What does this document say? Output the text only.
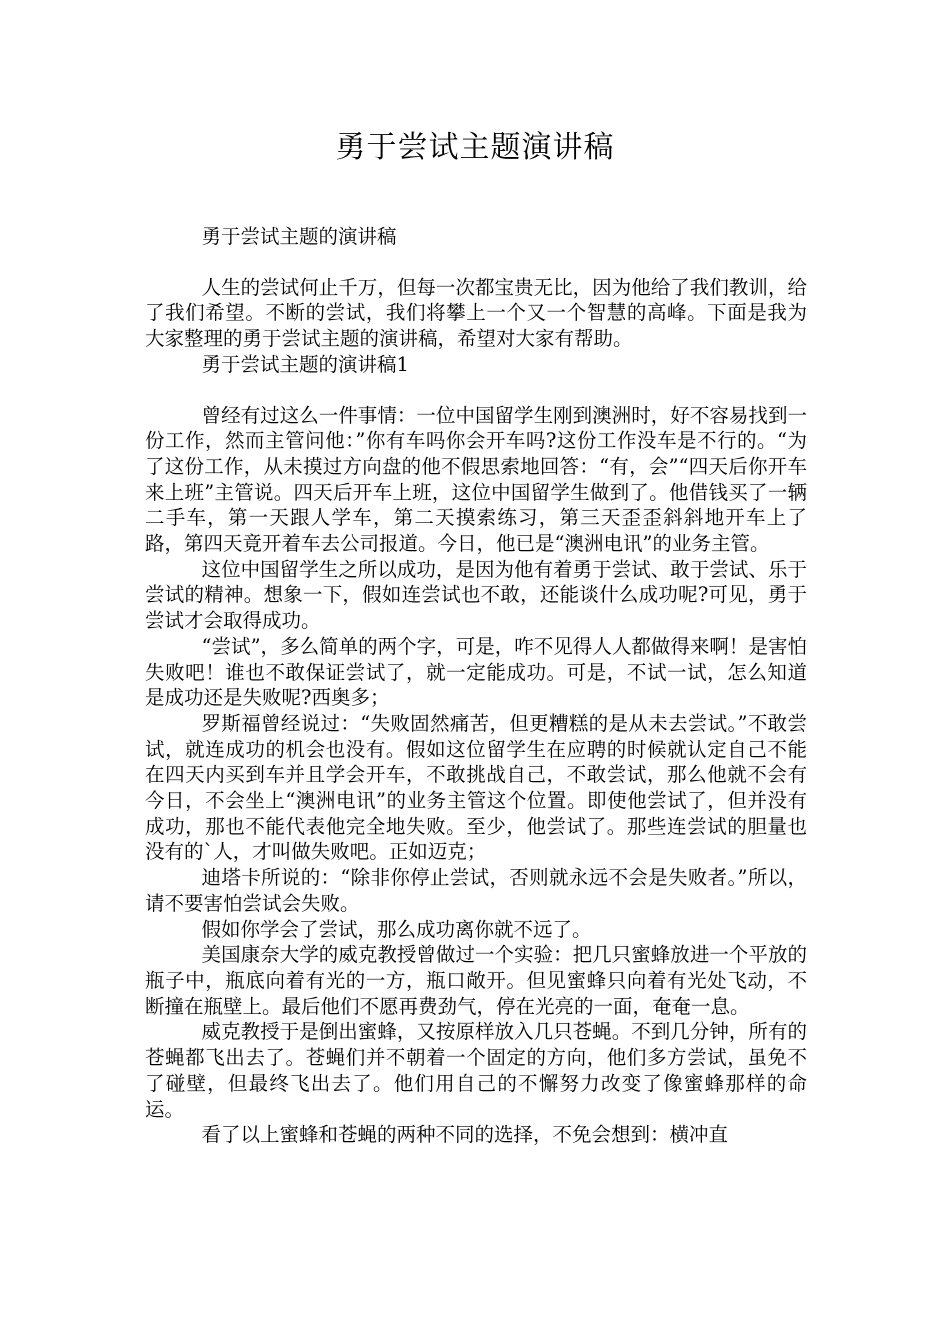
勇于尝试主题演讲稿

勇于尝试主题的演讲稿

人生的尝试何止千万，但每一次都宝贵无比，因为他给了我们教训，给了我们希望。不断的尝试，我们将攀上一个又一个智慧的高峰。下面是我为大家整理的勇于尝试主题的演讲稿，希望对大家有帮助。

勇于尝试主题的演讲稿1

曾经有过这么一件事情：一位中国留学生刚到澳洲时，好不容易找到一份工作，然而主管问他：”你有车吗你会开车吗?这份工作没车是不行的。“为了这份工作，从未摸过方向盘的他不假思索地回答：“有，会”“四天后你开车来上班”主管说。四天后开车上班，这位中国留学生做到了。他借钱买了一辆二手车，第一天跟人学车，第二天摸索练习，第三天歪歪斜斜地开车上了路，第四天竟开着车去公司报道。今日，他已是“澳洲电讯”的业务主管。

这位中国留学生之所以成功，是因为他有着勇于尝试、敢于尝试、乐于尝试的精神。想象一下，假如连尝试也不敢，还能谈什么成功呢?可见，勇于尝试才会取得成功。

“尝试”，多么简单的两个字，可是，咋不见得人人都做得来啊！是害怕失败吧！谁也不敢保证尝试了，就一定能成功。可是，不试一试，怎么知道是成功还是失败呢?西奥多；

罗斯福曾经说过：“失败固然痛苦，但更糟糕的是从未去尝试。”不敢尝试，就连成功的机会也没有。假如这位留学生在应聘的时候就认定自己不能在四天内买到车并且学会开车，不敢挑战自己，不敢尝试，那么他就不会有今日，不会坐上“澳洲电讯”的业务主管这个位置。即使他尝试了，但并没有成功，那也不能代表他完全地失败。至少，他尝试了。那些连尝试的胆量也没有的`人，才叫做失败吧。正如迈克；

迪塔卡所说的：“除非你停止尝试，否则就永远不会是失败者。”所以，请不要害怕尝试会失败。

假如你学会了尝试，那么成功离你就不远了。

美国康奈大学的威克教授曾做过一个实验：把几只蜜蜂放进一个平放的瓶子中，瓶底向着有光的一方，瓶口敞开。但见蜜蜂只向着有光处飞动，不断撞在瓶壁上。最后他们不愿再费劲气，停在光亮的一面，奄奄一息。

威克教授于是倒出蜜蜂，又按原样放入几只苍蝇。不到几分钟，所有的苍蝇都飞出去了。苍蝇们并不朝着一个固定的方向，他们多方尝试，虽免不了碰壁，但最终飞出去了。他们用自己的不懈努力改变了像蜜蜂那样的命运。

看了以上蜜蜂和苍蝇的两种不同的选择，不免会想到：横冲直
